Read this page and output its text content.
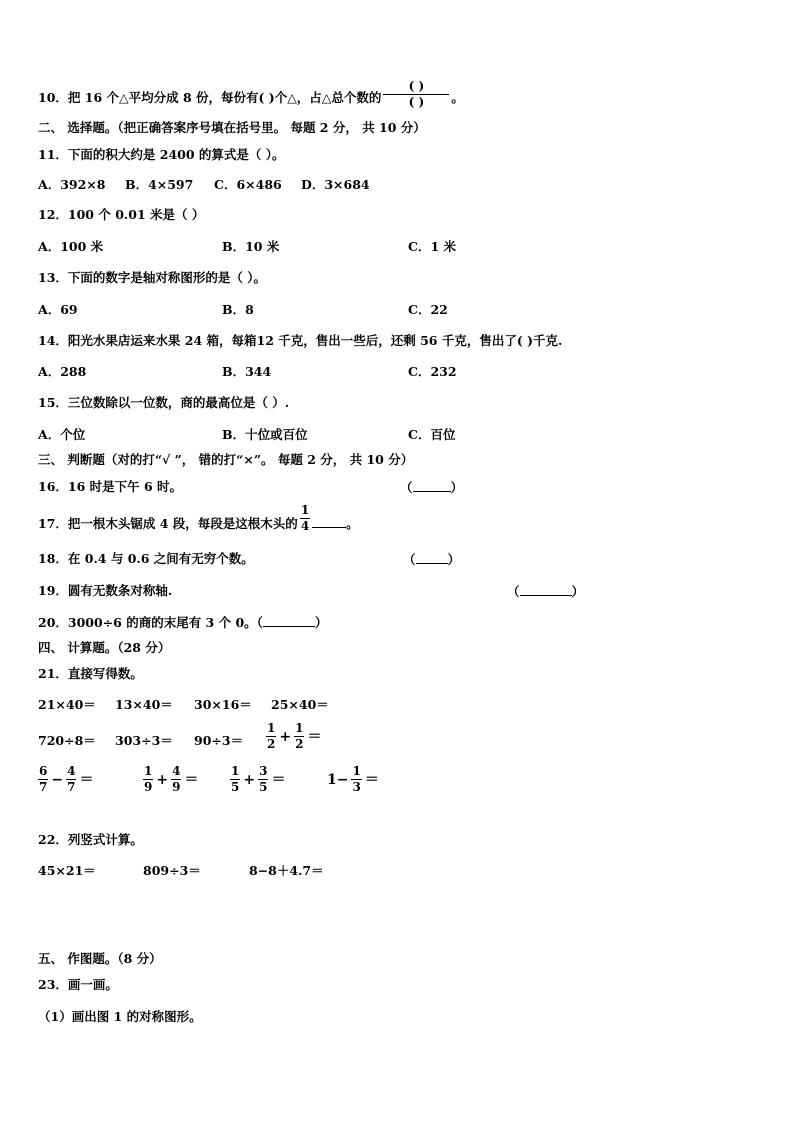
10．把 16 个△平均分成 8 份，每份有( )个△，占△总个数的 $\frac{( )}{( )}$ 。
二、 选择题。（把正确答案序号填在括号里。 每题 2 分， 共 10 分）
11．下面的积大约是 2400 的算式是（ ）。
A．392×8 B．4×597 C．6×486 D．3×684
12．100 个 0.01 米是（ ）
A．100 米	B．10 米	C．1 米
13．下面的数字是轴对称图形的是（ ）。
A．69	B．8	C．22
14．阳光水果店运来水果 24 箱，每箱12 千克，售出一些后，还剩 56 千克，售出了( )千克.
A．288	B．344	C．232
15．三位数除以一位数，商的最高位是（ ）.
A．个位	B．十位或百位	C．百位
三、 判断题（对的打“√ ”， 错的打“×”。 每题 2 分， 共 10 分）
16．16 时是下午 6 时。	（	）
17．把一根木头锯成 4 段，每段是这根木头的 $\frac{1}{4}$	。
18．在 0.4 与 0.6 之间有无穷个数。	（	）
19．圆有无数条对称轴.	（	）
20．3000÷6 的商的末尾有 3 个 0。（	）
四、 计算题。（28 分）
21．直接写得数。
21×40＝ 13×40＝ 30×16＝ 25×40＝
$720\div 8= 303\div 3= 90\div 3= \frac{1}{2} + \frac{1}{2}$ ＝
$\frac{6}{7} - \frac{4}{7}$ ＝	$\frac{1}{9} + \frac{4}{9}$ ＝	$\frac{1}{5} + \frac{3}{5}$ ＝	$1- \frac{1}{3}$ ＝
22．列竖式计算。
45×21＝	809÷3＝	8−8＋4.7＝
五、 作图题。（8 分）
23．画一画。
（1）画出图 1 的对称图形。
